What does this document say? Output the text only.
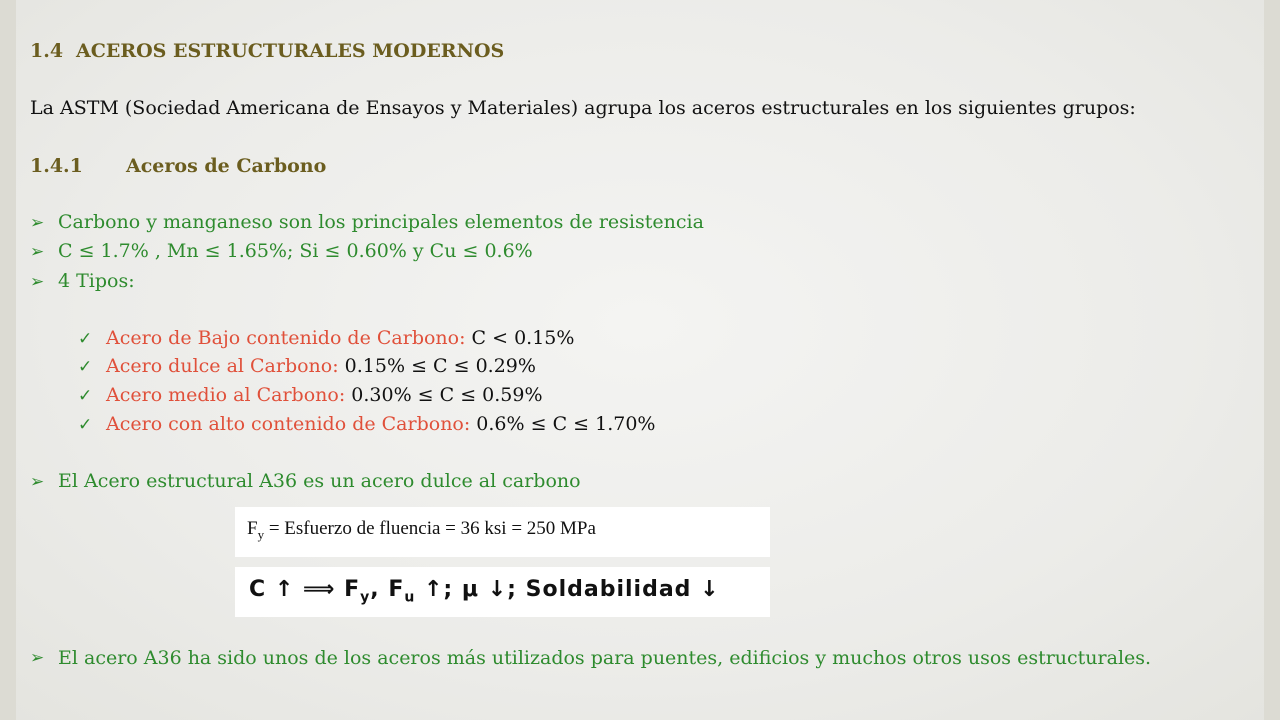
1.4 ACEROS ESTRUCTURALES MODERNOS
La ASTM (Sociedad Americana de Ensayos y Materiales) agrupa los aceros estructurales en los siguientes grupos:
1.4.1 Aceros de Carbono
➢ Carbono y manganeso son los principales elementos de resistencia
➢ C ≤ 1.7% , Mn ≤ 1.65%; Si ≤ 0.60% y Cu ≤ 0.6%
➢ 4 Tipos:
✓ Acero de Bajo contenido de Carbono: C < 0.15%
✓ Acero dulce al Carbono: 0.15% ≤ C ≤ 0.29%
✓ Acero medio al Carbono: 0.30% ≤ C ≤ 0.59%
✓ Acero con alto contenido de Carbono: 0.6% ≤ C ≤ 1.70%
➢ El Acero estructural A36 es un acero dulce al carbono
$F_y$ = Esfuerzo de fluencia = 36 ksi = 250 MPa
C ↑ ⟹ $F_y$, $F_u$ ↑; μ ↓; Soldabilidad ↓
➢ El acero A36 ha sido unos de los aceros más utilizados para puentes, edificios y muchos otros usos estructurales.
